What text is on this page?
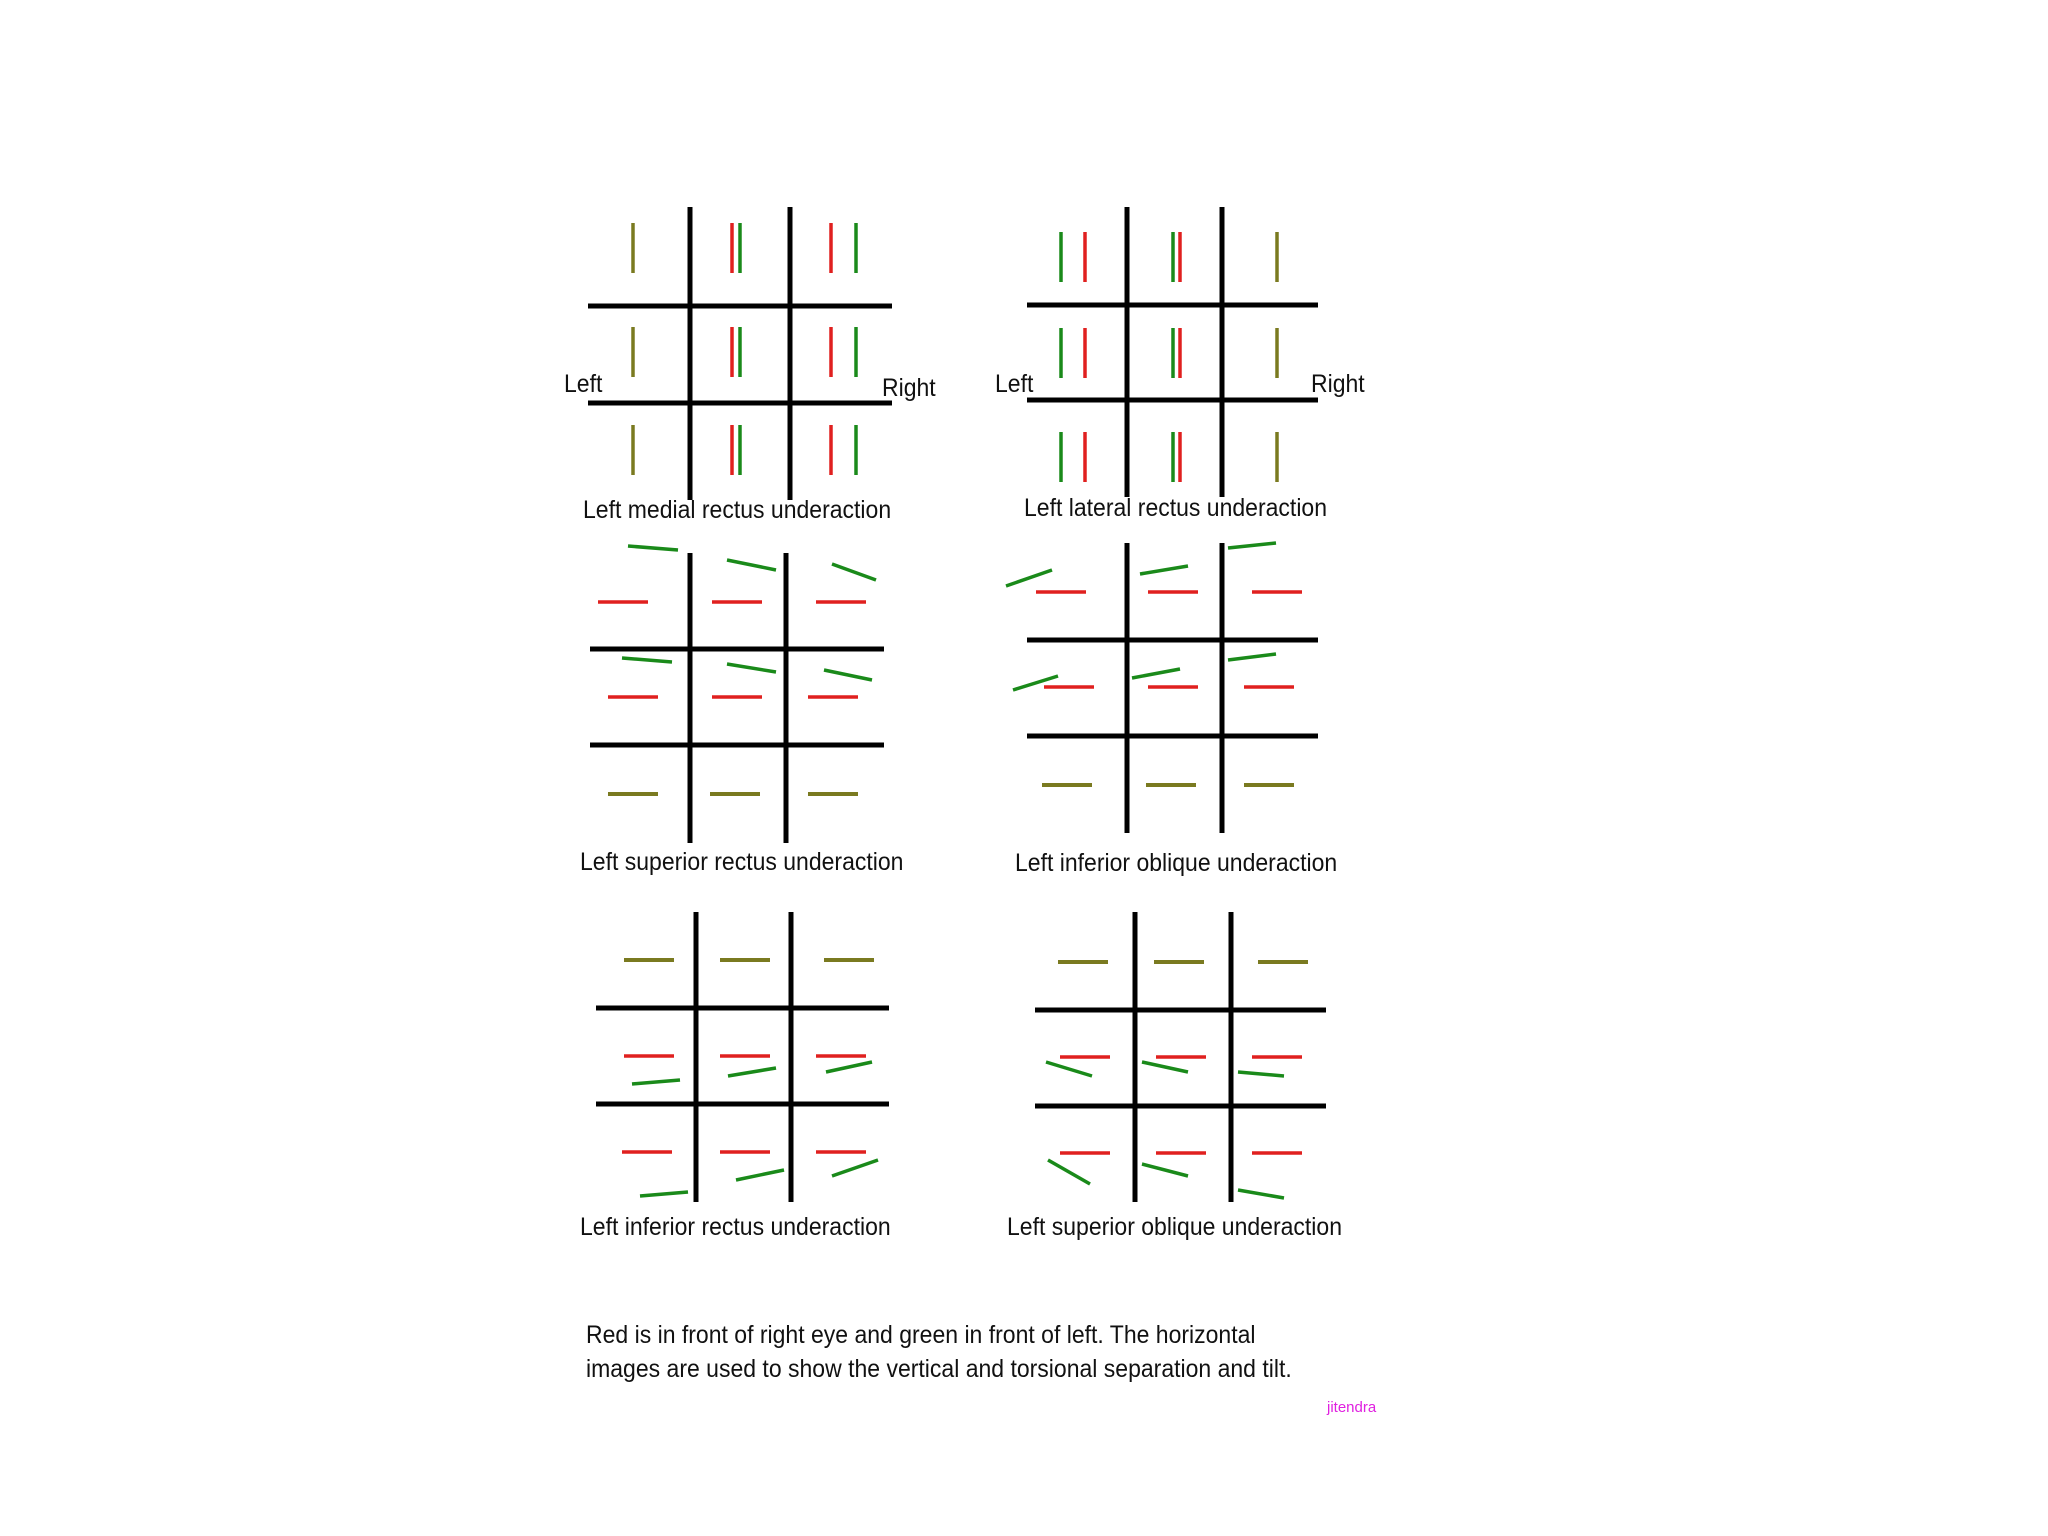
Left	Right
Left medial rectus underaction
Left	Right
Left lateral rectus underaction
Left superior rectus underaction	Left inferior oblique underaction
Left inferior rectus underaction	Left superior oblique underaction
Red is in front of right eye and green in front of left. The horizontal
images are used to show the vertical and torsional separation and tilt.
jitendra
